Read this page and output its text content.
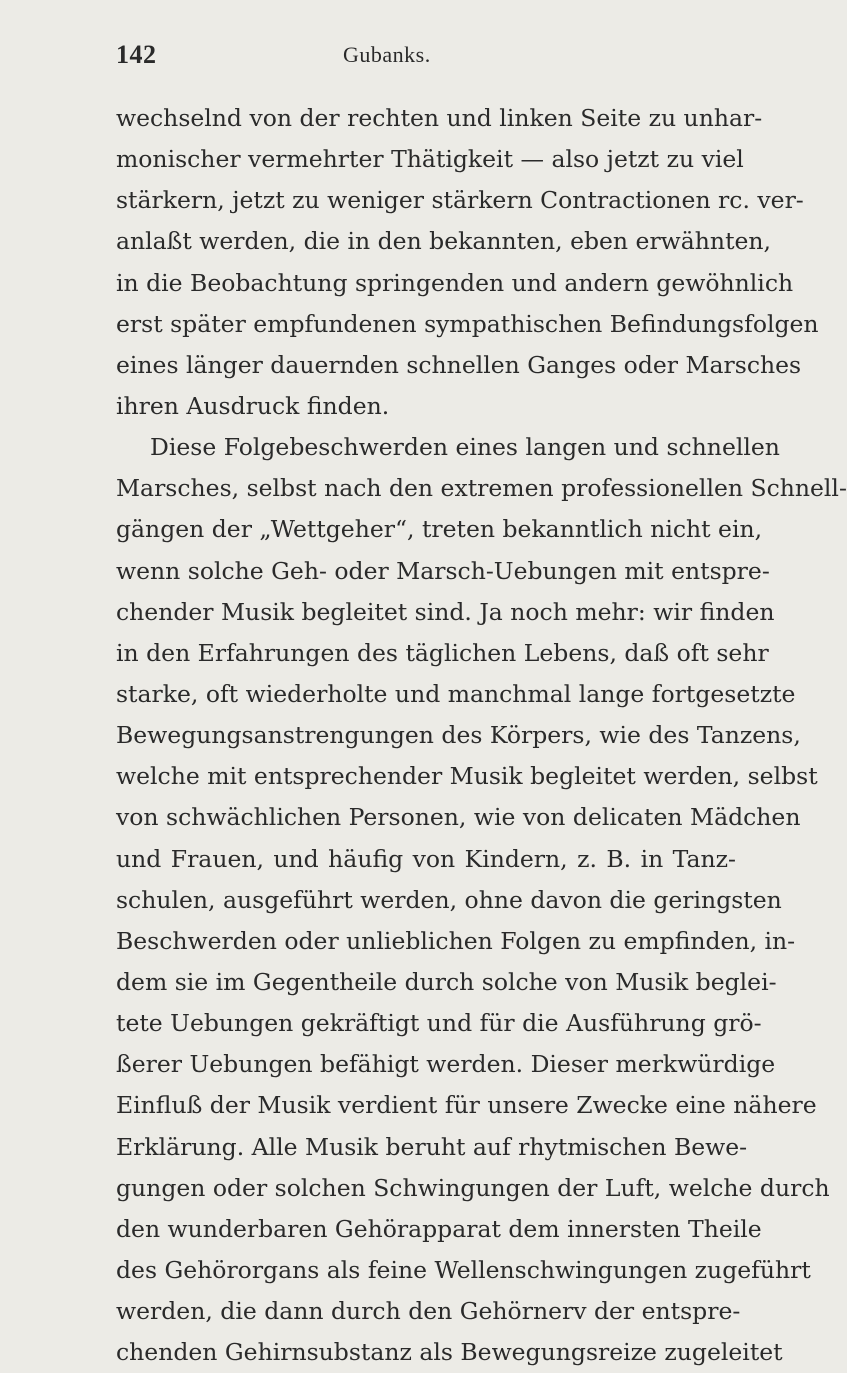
142	Gubanks.
wechselnd von der rechten und linken Seite zu unhar-
monischer vermehrter Thätigkeit — also jetzt zu viel
stärkern, jetzt zu weniger stärkern Contractionen rc. ver-
anlaßt werden, die in den bekannten, eben erwähnten,
in die Beobachtung springenden und andern gewöhnlich
erst später empfundenen sympathischen Befindungsfolgen
eines länger dauernden schnellen Ganges oder Marsches
ihren Ausdruck finden.
Diese Folgebeschwerden eines langen und schnellen
Marsches, selbst nach den extremen professionellen Schnell-
gängen der „Wettgeher“, treten bekanntlich nicht ein,
wenn solche Geh- oder Marsch-Uebungen mit entspre-
chender Musik begleitet sind. Ja noch mehr: wir finden
in den Erfahrungen des täglichen Lebens, daß oft sehr
starke, oft wiederholte und manchmal lange fortgesetzte
Bewegungsanstrengungen des Körpers, wie des Tanzens,
welche mit entsprechender Musik begleitet werden, selbst
von schwächlichen Personen, wie von delicaten Mädchen
und Frauen, und häufig von Kindern, z. B. in Tanz-
schulen, ausgeführt werden, ohne davon die geringsten
Beschwerden oder unlieblichen Folgen zu empfinden, in-
dem sie im Gegentheile durch solche von Musik beglei-
tete Uebungen gekräftigt und für die Ausführung grö-
ßerer Uebungen befähigt werden. Dieser merkwürdige
Einfluß der Musik verdient für unsere Zwecke eine nähere
Erklärung. Alle Musik beruht auf rhytmischen Bewe-
gungen oder solchen Schwingungen der Luft, welche durch
den wunderbaren Gehörapparat dem innersten Theile
des Gehörorgans als feine Wellenschwingungen zugeführt
werden, die dann durch den Gehörnerv der entspre-
chenden Gehirnsubstanz als Bewegungsreize zugeleitet
